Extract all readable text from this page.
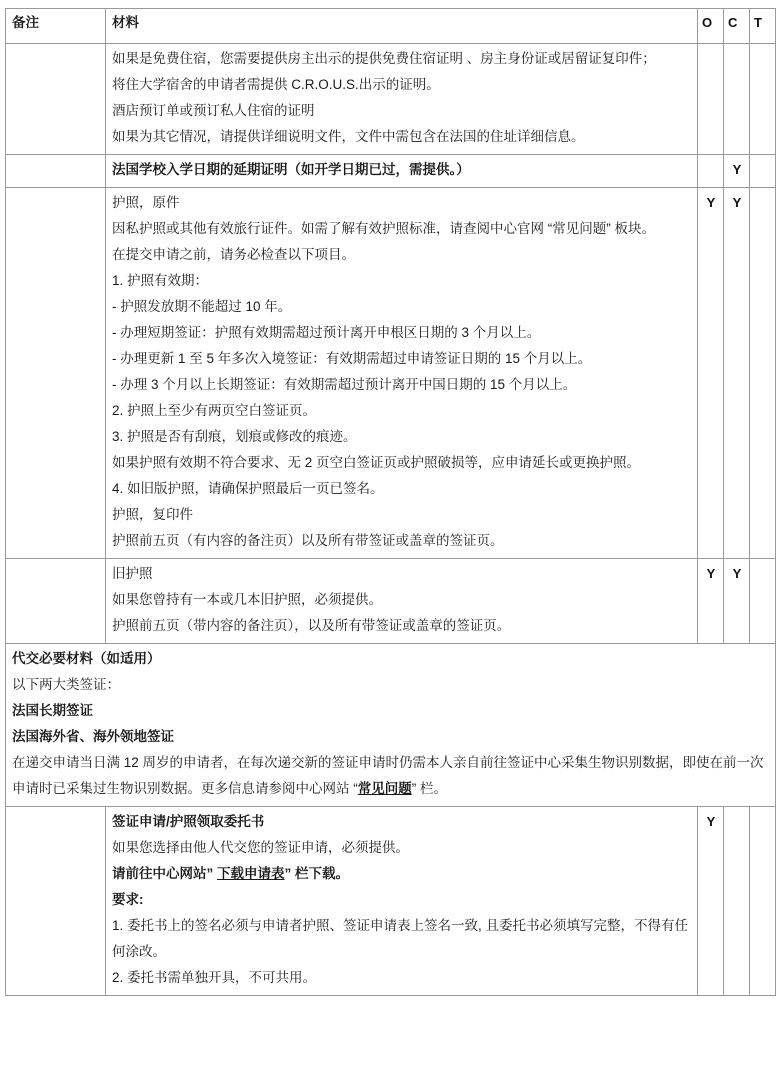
备注	材料	O	C	T

	如果是免费住宿，您需要提供房主出示的提供免费住宿证明 、房主身份证或居留证复印件；

将住大学宿舍的申请者需提供 C.R.O.U.S.出示的证明。

酒店预订单或预订私人住宿的证明

如果为其它情况，请提供详细说明文件，文件中需包含在法国的住址详细信息。			

	法国学校入学日期的延期证明（如开学日期已过，需提供。）		Y	

护照，原件

因私护照或其他有效旅行证件。如需了解有效护照标准，请查阅中心官网 “常见问题” 板块。

在提交申请之前，请务必检查以下项目。

1. 护照有效期：

- 护照发放期不能超过 10 年。

- 办理短期签证：护照有效期需超过预计离开申根区日期的 3 个月以上。

- 办理更新 1 至 5 年多次入境签证：有效期需超过申请签证日期的 15 个月以上。

- 办理 3 个月以上长期签证：有效期需超过预计离开中国日期的 15 个月以上。

2. 护照上至少有两页空白签证页。

3. 护照是否有刮痕，划痕或修改的痕迹。

如果护照有效期不符合要求、无 2 页空白签证页或护照破损等，应申请延长或更换护照。

4. 如旧版护照，请确保护照最后一页已签名。

护照，复印件

护照前五页（有内容的备注页）以及所有带签证或盖章的签证页。

	Y	Y	

	旧护照

如果您曾持有一本或几本旧护照，必须提供。

护照前五页（带内容的备注页），以及所有带签证或盖章的签证页。	Y	Y	

代交必要材料（如适用）

以下两大类签证：

法国长期签证

法国海外省、海外领地签证

在递交申请当日满 12 周岁的申请者，在每次递交新的签证申请时仍需本人亲自前往签证中心采集生物识别数据，即使在前一次申请时已采集过生物识别数据。更多信息请参阅中心网站 “常见问题” 栏。				

签证申请/护照领取委托书

如果您选择由他人代交您的签证申请，必须提供。

请前往中心网站” 下载申请表” 栏下载。

要求:

1. 委托书上的签名必须与申请者护照、签证申请表上签名一致, 且委托书必须填写完整，不得有任何涂改。

2. 委托书需单独开具，不可共用。

	Y		
